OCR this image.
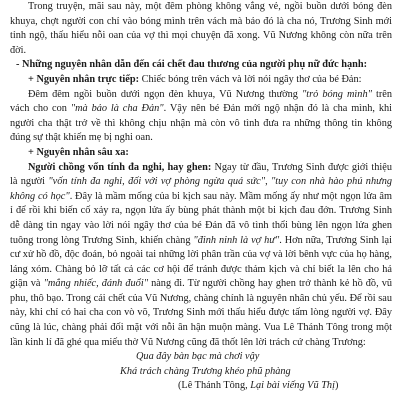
Trong truyện, mãi sau này, một đêm phòng không vắng vẻ, ngồi buồn dưới bóng đèn khuya, chợt người con chỉ vào bóng mình trên vách mà bảo đó là cha nó, Trương Sinh mới tỉnh ngộ, thấu hiểu nỗi oan của vợ thì mọi chuyện đã xong. Vũ Nương không còn nữa trên đời.

- Những nguyên nhân dẫn đến cái chết đau thương của người phụ nữ đức hạnh:

+ Nguyên nhân trực tiếp: Chiếc bóng trên vách và lời nói ngây thơ của bé Đản:

Đêm đêm ngồi buồn dưới ngọn đèn khuya, Vũ Nương thường "trỏ bóng mình" trên vách cho con "mà bảo là cha Đản". Vậy nên bé Đản mới ngộ nhận đó là cha mình, khi người cha thật trở về thì không chịu nhận mà còn vô tình đưa ra những thông tin không đúng sự thật khiến mẹ bị nghi oan.

+ Nguyên nhân sâu xa:

Người chồng vốn tính đa nghi, hay ghen: Ngay từ đầu, Trương Sinh được giới thiệu là người "vốn tính đa nghi, đối với vợ phòng ngừa quá sức", "tuy con nhà hào phú nhưng không có học". Đây là mầm mống của bi kịch sau này. Mầm mống ấy như một ngọn lửa âm ỉ để rồi khi biến cố xảy ra, ngọn lửa ấy bùng phát thành một bi kịch đau đớn. Trương Sinh dễ dàng tin ngay vào lời nói ngây thơ của bé Đản đã vô tình thổi bùng lên ngọn lửa ghen tuông trong lòng Trương Sinh, khiến chàng "đinh ninh là vợ hư". Hơn nữa, Trương Sinh lại cư xử hồ đồ, độc đoán, bỏ ngoài tai những lời phân trần của vợ và lời bênh vực của họ hàng, láng xóm. Chàng bỏ lỡ tất cả các cơ hội để tránh được thảm kịch và chỉ biết la lên cho hả giận và "mắng nhiếc, đánh đuổi" nàng đi. Từ người chồng hay ghen trở thành kẻ hồ đồ, vũ phu, thô bạo. Trong cái chết của Vũ Nương, chàng chính là nguyên nhân chủ yếu. Để rồi sau này, khi chỉ có hai cha con vò võ, Trương Sinh mới thấu hiểu được tấm lòng người vợ. Đây cũng là lúc, chàng phải đối mặt với nỗi ân hận muộn màng. Vua Lê Thánh Tông trong một lần kinh lí đã ghé qua miếu thờ Vũ Nương cũng đã thốt lên lời trách cứ chàng Trương:

Qua đây bàn bạc mà chơi vậy

Khá trách chàng Trương khéo phũ phàng

(Lê Thánh Tông, Lại bài viếng Vũ Thị)
